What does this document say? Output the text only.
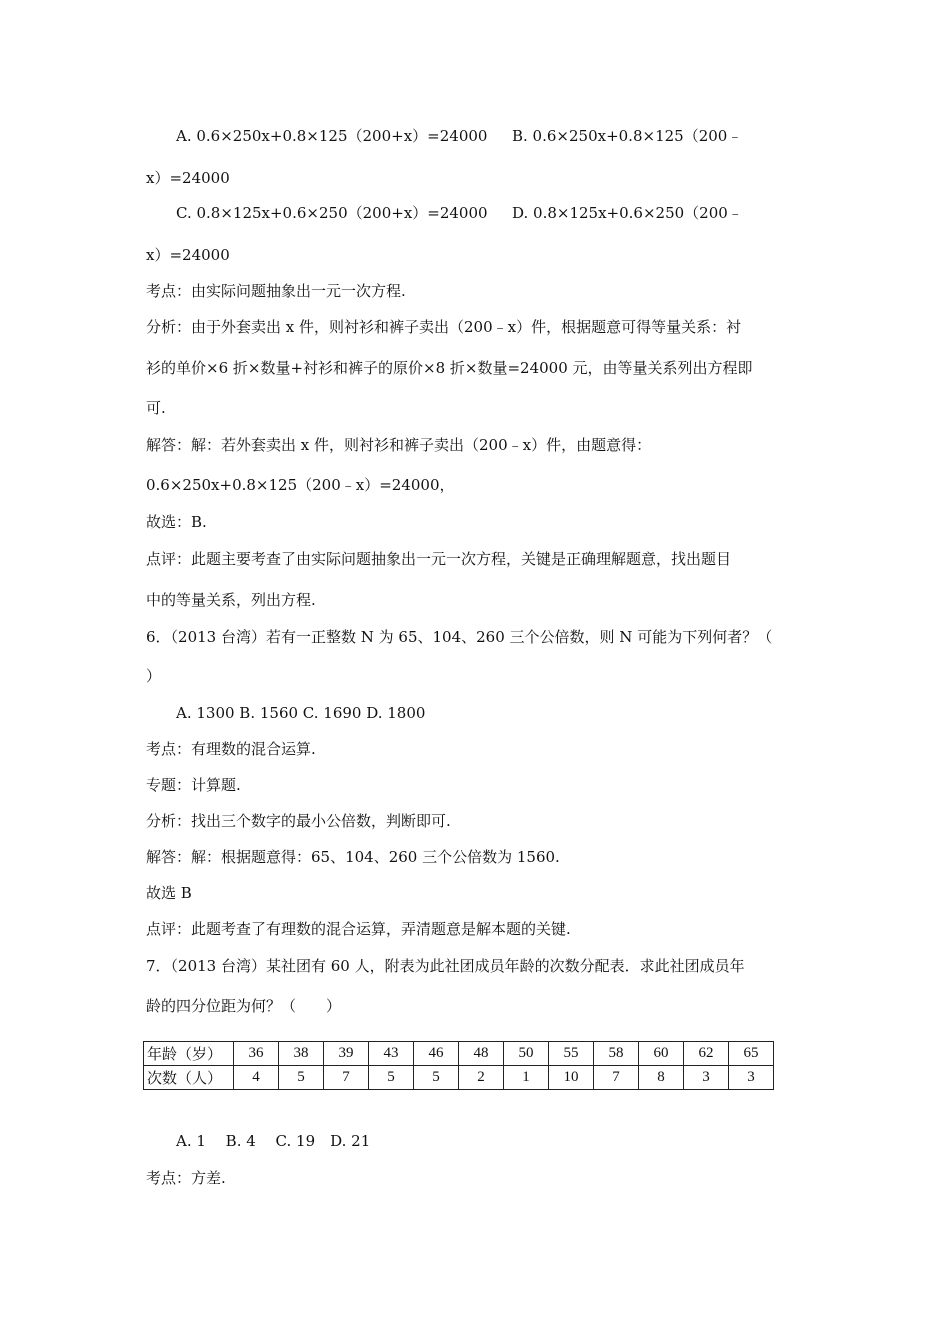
A. 0.6×250x+0.8×125（200+x）=24000 B. 0.6×250x+0.8×125（200﹣
x）=24000
C. 0.8×125x+0.6×250（200+x）=24000 D. 0.8×125x+0.6×250（200﹣
x）=24000
考点：由实际问题抽象出一元一次方程.
分析：由于外套卖出 x 件，则衬衫和裤子卖出（200﹣x）件，根据题意可得等量关系：衬
衫的单价×6 折×数量+衬衫和裤子的原价×8 折×数量=24000 元，由等量关系列出方程即
可.
解答：解：若外套卖出 x 件，则衬衫和裤子卖出（200﹣x）件，由题意得：
0.6×250x+0.8×125（200﹣x）=24000，
故选：B.
点评：此题主要考查了由实际问题抽象出一元一次方程，关键是正确理解题意，找出题目
中的等量关系，列出方程.
6．（2013 台湾）若有一正整数 N 为 65、104、260 三个公倍数，则 N 可能为下列何者？（
）
A. 1300 B. 1560 C. 1690 D. 1800
考点：有理数的混合运算.
专题：计算题.
分析：找出三个数字的最小公倍数，判断即可.
解答：解：根据题意得：65、104、260 三个公倍数为 1560.
故选 B
点评：此题考查了有理数的混合运算，弄清题意是解本题的关键.
7．（2013 台湾）某社团有 60 人，附表为此社团成员年龄的次数分配表．求此社团成员年
龄的四分位距为何？（　　）
年龄（岁）	36	38	39	43	46	48	50	55	58	60	62	65
次数（人）	4	5	7	5	5	2	1	10	7	8	3	3
A. 1　 B. 4　 C. 19　D. 21
考点：方差.
